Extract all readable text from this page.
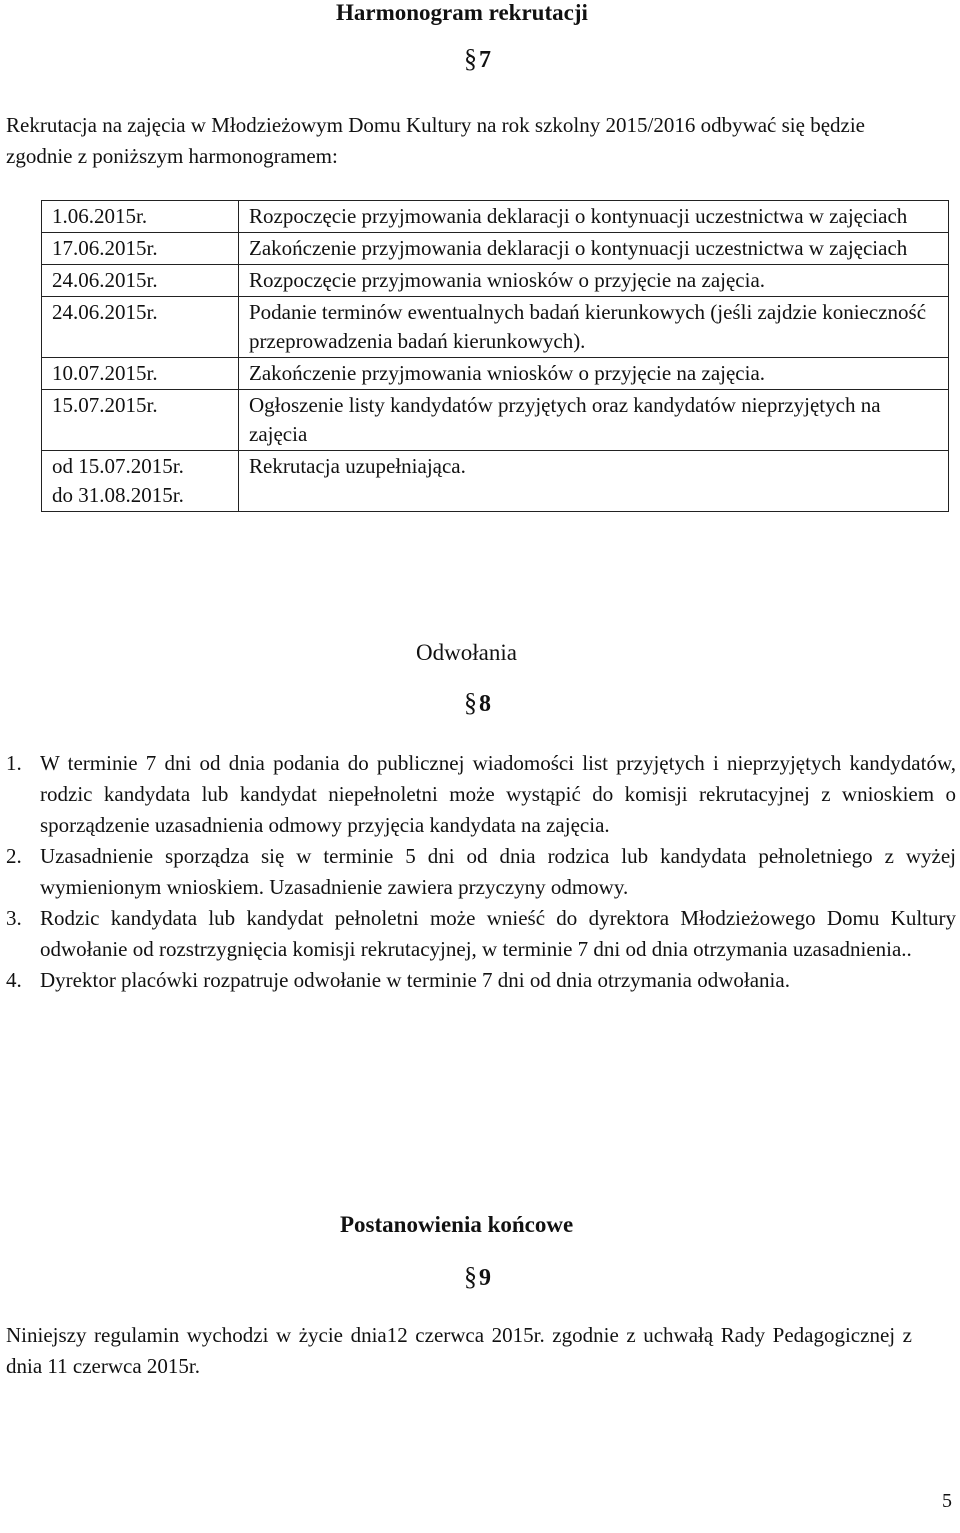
Harmonogram rekrutacji
§7
Rekrutacja na zajęcia w Młodzieżowym Domu Kultury na rok szkolny 2015/2016 odbywać się będzie zgodnie z poniższym harmonogramem:
1.06.2015r.	Rozpoczęcie przyjmowania deklaracji o kontynuacji uczestnictwa w zajęciach
17.06.2015r.	Zakończenie przyjmowania deklaracji o kontynuacji uczestnictwa w zajęciach
24.06.2015r.	Rozpoczęcie przyjmowania wniosków o przyjęcie na zajęcia.
24.06.2015r.	Podanie terminów ewentualnych badań kierunkowych (jeśli zajdzie konieczność przeprowadzenia badań kierunkowych).
10.07.2015r.	Zakończenie przyjmowania wniosków o przyjęcie na zajęcia.
15.07.2015r.	Ogłoszenie listy kandydatów przyjętych oraz kandydatów nieprzyjętych na zajęcia

od 15.07.2015r.
do 31.08.2015r.	Rekrutacja uzupełniająca.
Odwołania
§8
1. W terminie 7 dni od dnia podania do publicznej wiadomości list przyjętych i nieprzyjętych kandydatów, rodzic kandydata lub kandydat niepełnoletni może wystąpić do komisji rekrutacyjnej z wnioskiem o sporządzenie uzasadnienia odmowy przyjęcia kandydata na zajęcia.
2. Uzasadnienie sporządza się w terminie 5 dni od dnia rodzica lub kandydata pełnoletniego z wyżej wymienionym wnioskiem. Uzasadnienie zawiera przyczyny odmowy.
3. Rodzic kandydata lub kandydat pełnoletni może wnieść do dyrektora Młodzieżowego Domu Kultury odwołanie od rozstrzygnięcia komisji rekrutacyjnej, w terminie 7 dni od dnia otrzymania uzasadnienia..
4. Dyrektor placówki rozpatruje odwołanie w terminie 7 dni od dnia otrzymania odwołania.
Postanowienia końcowe
§9
Niniejszy regulamin wychodzi w życie dnia12 czerwca 2015r. zgodnie z uchwałą Rady Pedagogicznej z dnia 11 czerwca 2015r.
5
